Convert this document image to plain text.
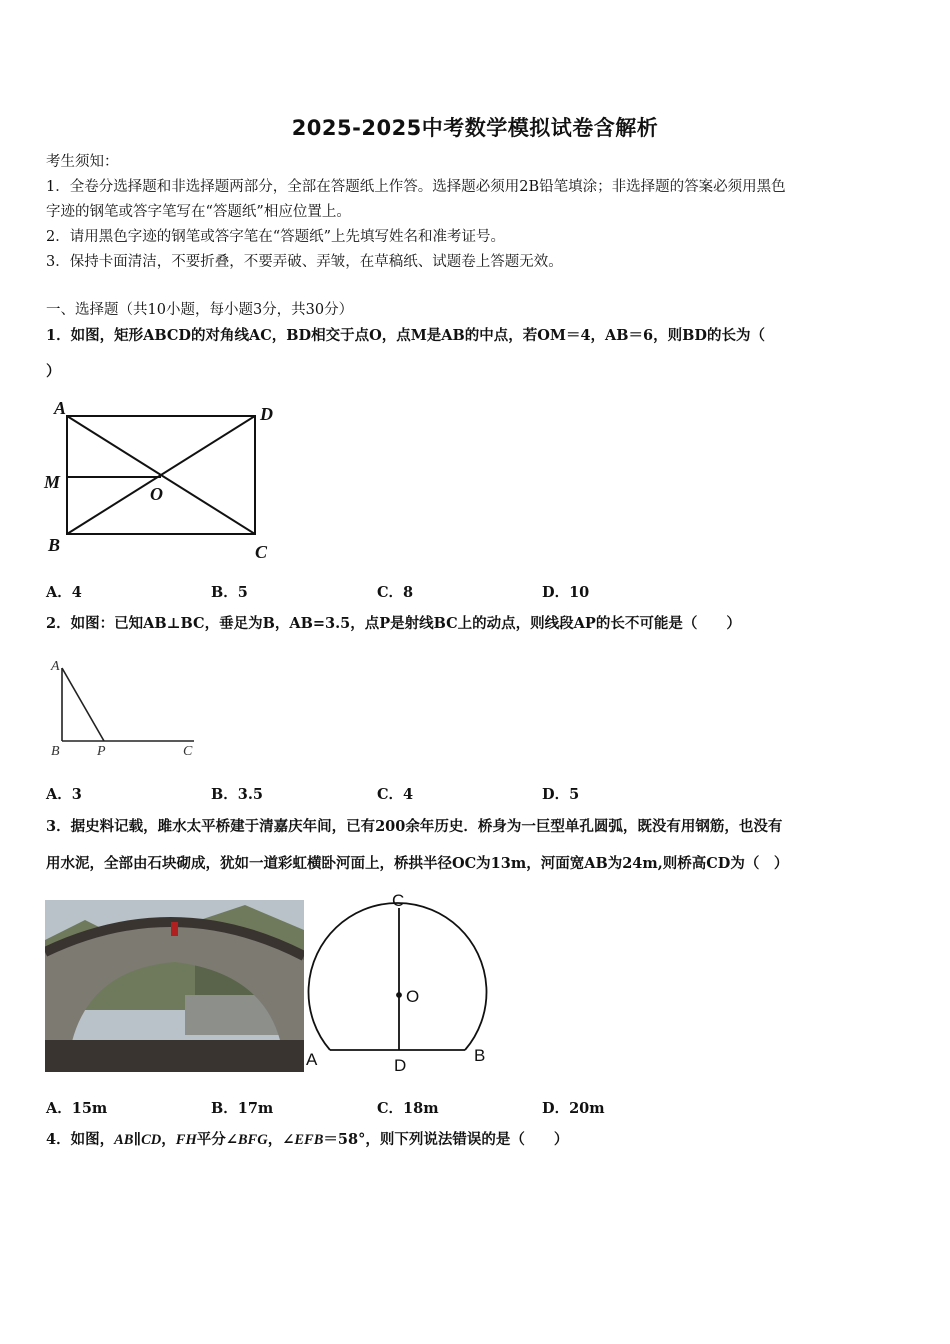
2025-2025中考数学模拟试卷含解析
考生须知：
1．全卷分选择题和非选择题两部分，全部在答题纸上作答。选择题必须用2B铅笔填涂；非选择题的答案必须用黑色
字迹的钢笔或答字笔写在“答题纸”相应位置上。
2．请用黑色字迹的钢笔或答字笔在“答题纸”上先填写姓名和准考证号。
3．保持卡面清洁，不要折叠，不要弄破、弄皱，在草稿纸、试题卷上答题无效。
一、选择题（共10小题，每小题3分，共30分）
1．如图，矩形ABCD的对角线AC，BD相交于点O，点M是AB的中点，若OM＝4，AB＝6，则BD的长为（
）
A	D
M
O
B	C
A．4	B．5	C．8	D．10
2．如图：已知AB⊥BC，垂足为B，AB=3.5，点P是射线BC上的动点，则线段AP的长不可能是（　　）
A
B	P	C
A．3	B．3.5	C．4	D．5
3．据史料记载，雎水太平桥建于清嘉庆年间，已有200余年历史．桥身为一巨型单孔圆弧，既没有用钢筋，也没有
用水泥，全部由石块砌成，犹如一道彩虹横卧河面上，桥拱半径OC为13m，河面宽AB为24m,则桥高CD为（　）
C
O
A	D
B
A．15m	B．17m	C．18m	D．20m
4．如图，AB∥CD，FH平分∠BFG，∠EFB＝58°，则下列说法错误的是（　　）
